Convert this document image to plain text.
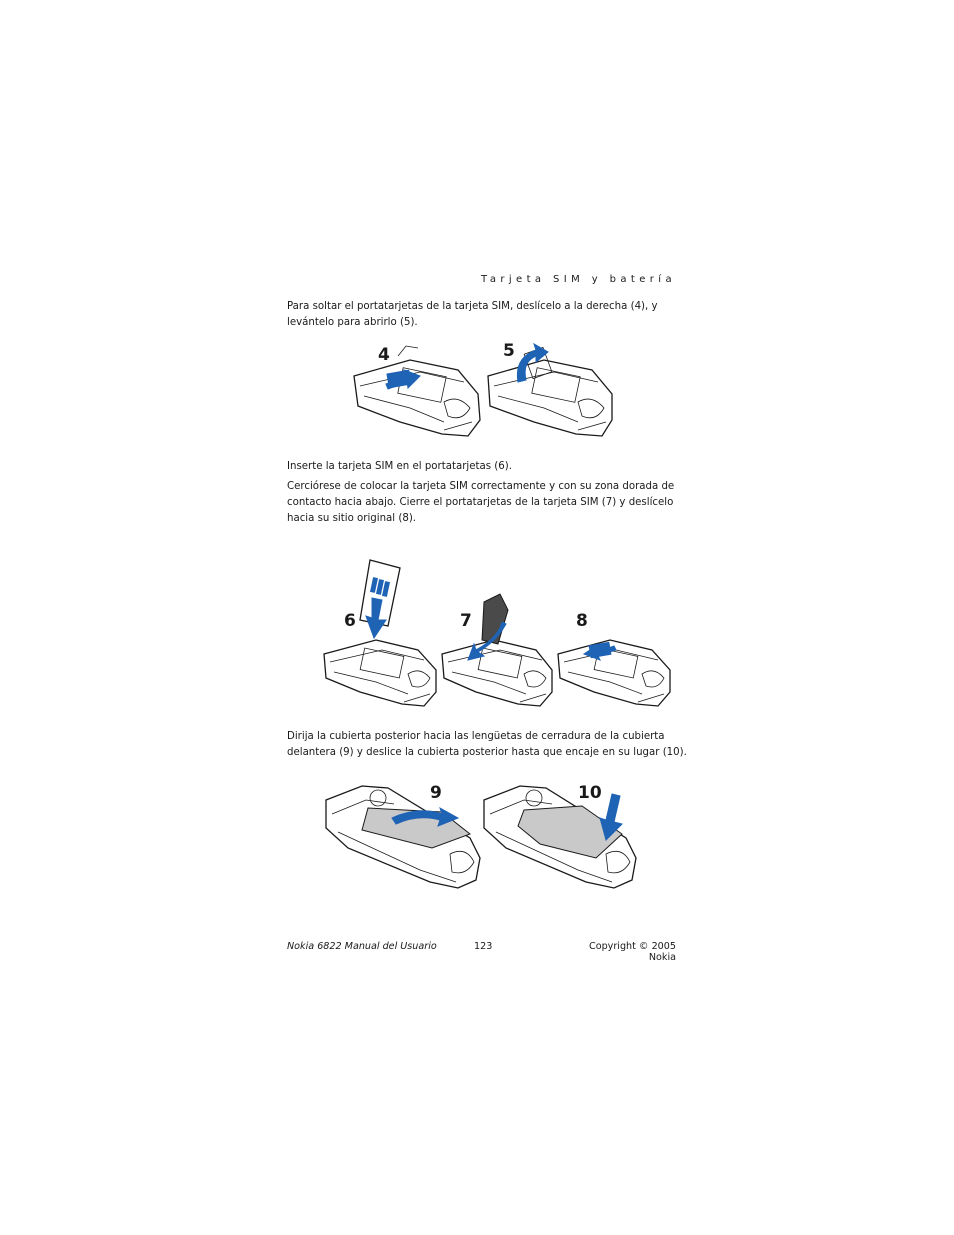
Tarjeta SIM y batería
Para soltar el portatarjetas de la tarjeta SIM, deslícelo a la derecha (4), y levántelo para abrirlo (5).
4	5
Inserte la tarjeta SIM en el portatarjetas (6).
Cerciórese de colocar la tarjeta SIM correctamente y con su zona dorada de contacto hacia abajo. Cierre el portatarjetas de la tarjeta SIM (7) y deslícelo hacia su sitio original (8).
6	7	8
Dirija la cubierta posterior hacia las lengüetas de cerradura de la cubierta delantera (9) y deslice la cubierta posterior hasta que encaje en su lugar (10).
9	10
Nokia 6822 Manual del Usuario	123	Copyright © 2005 Nokia
